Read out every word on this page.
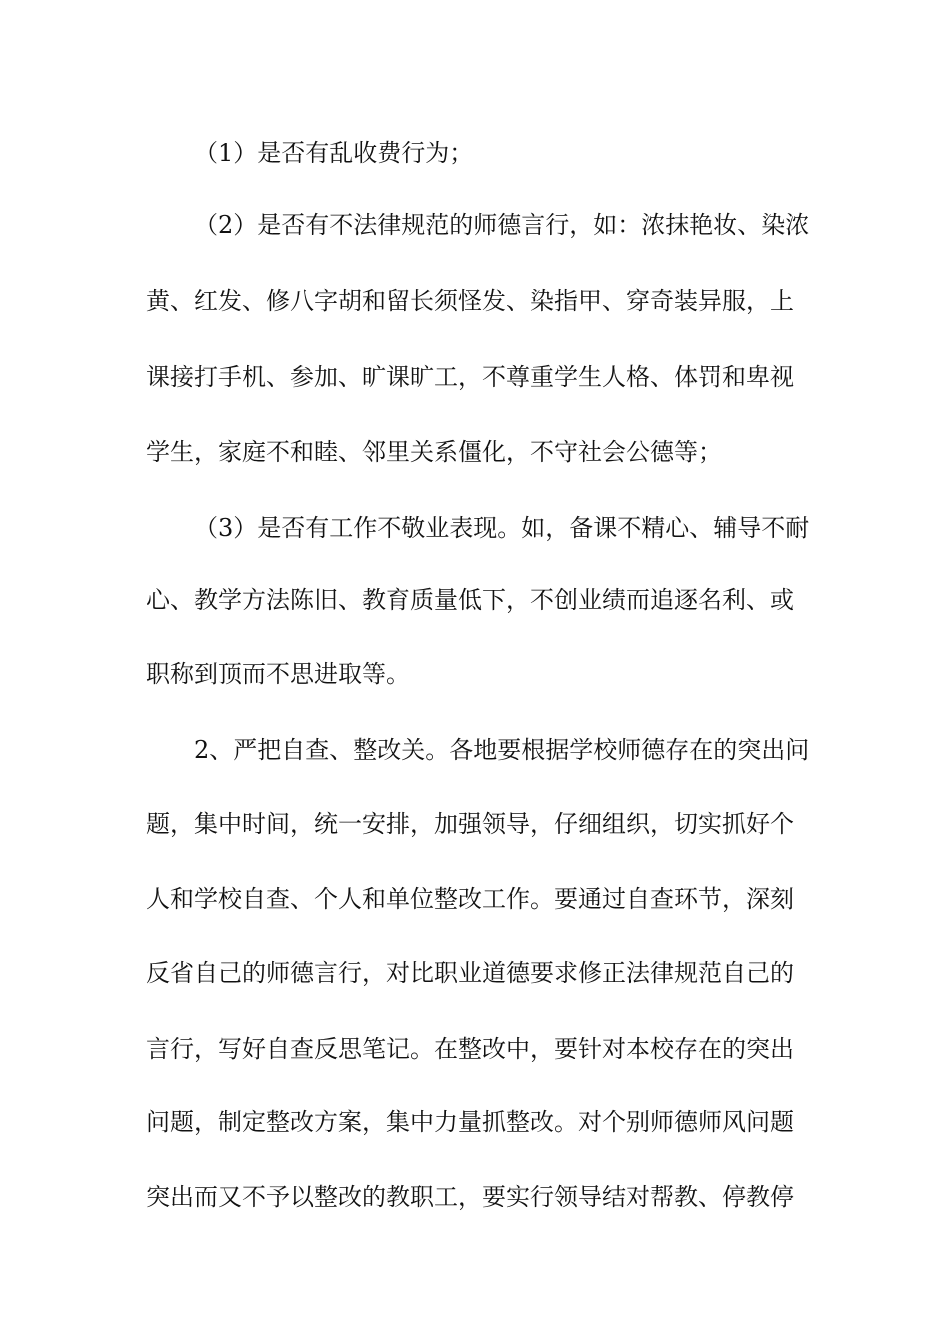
（1）是否有乱收费行为；
（2）是否有不法律规范的师德言行，如：浓抹艳妆、染浓
黄、红发、修八字胡和留长须怪发、染指甲、穿奇装异服，上
课接打手机、参加、旷课旷工，不尊重学生人格、体罚和卑视
学生，家庭不和睦、邻里关系僵化，不守社会公德等；
（3）是否有工作不敬业表现。如，备课不精心、辅导不耐
心、教学方法陈旧、教育质量低下，不创业绩而追逐名利、或
职称到顶而不思进取等。
2、严把自查、整改关。各地要根据学校师德存在的突出问
题，集中时间，统一安排，加强领导，仔细组织，切实抓好个
人和学校自查、个人和单位整改工作。要通过自查环节，深刻
反省自己的师德言行，对比职业道德要求修正法律规范自己的
言行，写好自查反思笔记。在整改中，要针对本校存在的突出
问题，制定整改方案，集中力量抓整改。对个别师德师风问题
突出而又不予以整改的教职工，要实行领导结对帮教、停教停
